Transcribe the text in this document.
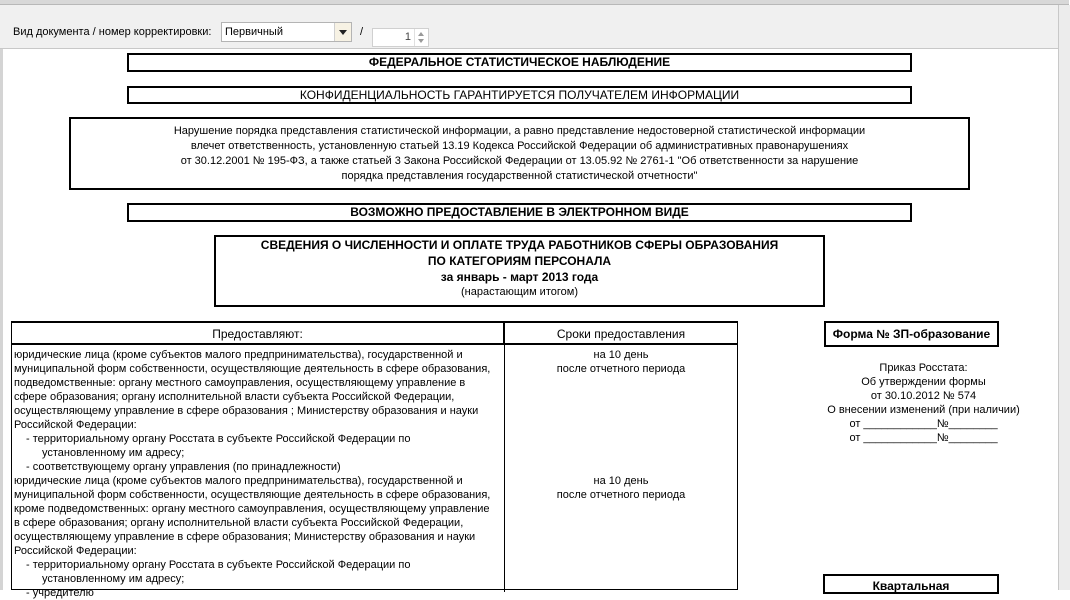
Вид документа / номер корректировки: Первичный	/	1
ФЕДЕРАЛЬНОЕ СТАТИСТИЧЕСКОЕ НАБЛЮДЕНИЕ
КОНФИДЕНЦИАЛЬНОСТЬ ГАРАНТИРУЕТСЯ ПОЛУЧАТЕЛЕМ ИНФОРМАЦИИ
Нарушение порядка представления статистической информации, а равно представление недостоверной статистической информации
влечет ответственность, установленную статьей 13.19 Кодекса Российской Федерации об административных правонарушениях
от 30.12.2001 № 195-ФЗ, а также статьей 3 Закона Российской Федерации от 13.05.92 № 2761-1 "Об ответственности за нарушение
порядка представления государственной статистической отчетности"
ВОЗМОЖНО ПРЕДОСТАВЛЕНИЕ В ЭЛЕКТРОННОМ ВИДЕ
СВЕДЕНИЯ О ЧИСЛЕННОСТИ И ОПЛАТЕ ТРУДА РАБОТНИКОВ СФЕРЫ ОБРАЗОВАНИЯ
ПО КАТЕГОРИЯМ ПЕРСОНАЛА
за январь - март 2013 года
(нарастающим итогом)
Предоставляют:	Сроки предоставления
юридические лица (кроме субъектов малого предпринимательства), государственной и
муниципальной форм собственности, осуществляющие деятельность в сфере образования,
подведомственные: органу местного самоуправления, осуществляющему управление в
сфере образования; органу исполнительной власти субъекта Российской Федерации,
осуществляющему управление в сфере образования ; Министерству образования и науки
Российской Федерации:
- территориальному органу Росстата в субъекте Российской Федерации по
установленному им адресу;
- соответствующему органу управления (по принадлежности)
на 10 день
после отчетного периода
юридические лица (кроме субъектов малого предпринимательства), государственной и
муниципальной форм собственности, осуществляющие деятельность в сфере образования,
кроме подведомственных: органу местного самоуправления, осуществляющему управление
в сфере образования; органу исполнительной власти субъекта Российской Федерации,
осуществляющему управление в сфере образования; Министерству образования и науки
Российской Федерации:
- территориальному органу Росстата в субъекте Российской Федерации по
установленному им адресу;
- учредителю
на 10 день
после отчетного периода
Форма № ЗП-образование
Приказ Росстата:
Об утверждении формы
от 30.10.2012 № 574
О внесении изменений (при наличии)
от ____________№________
от ____________№________
Квартальная
